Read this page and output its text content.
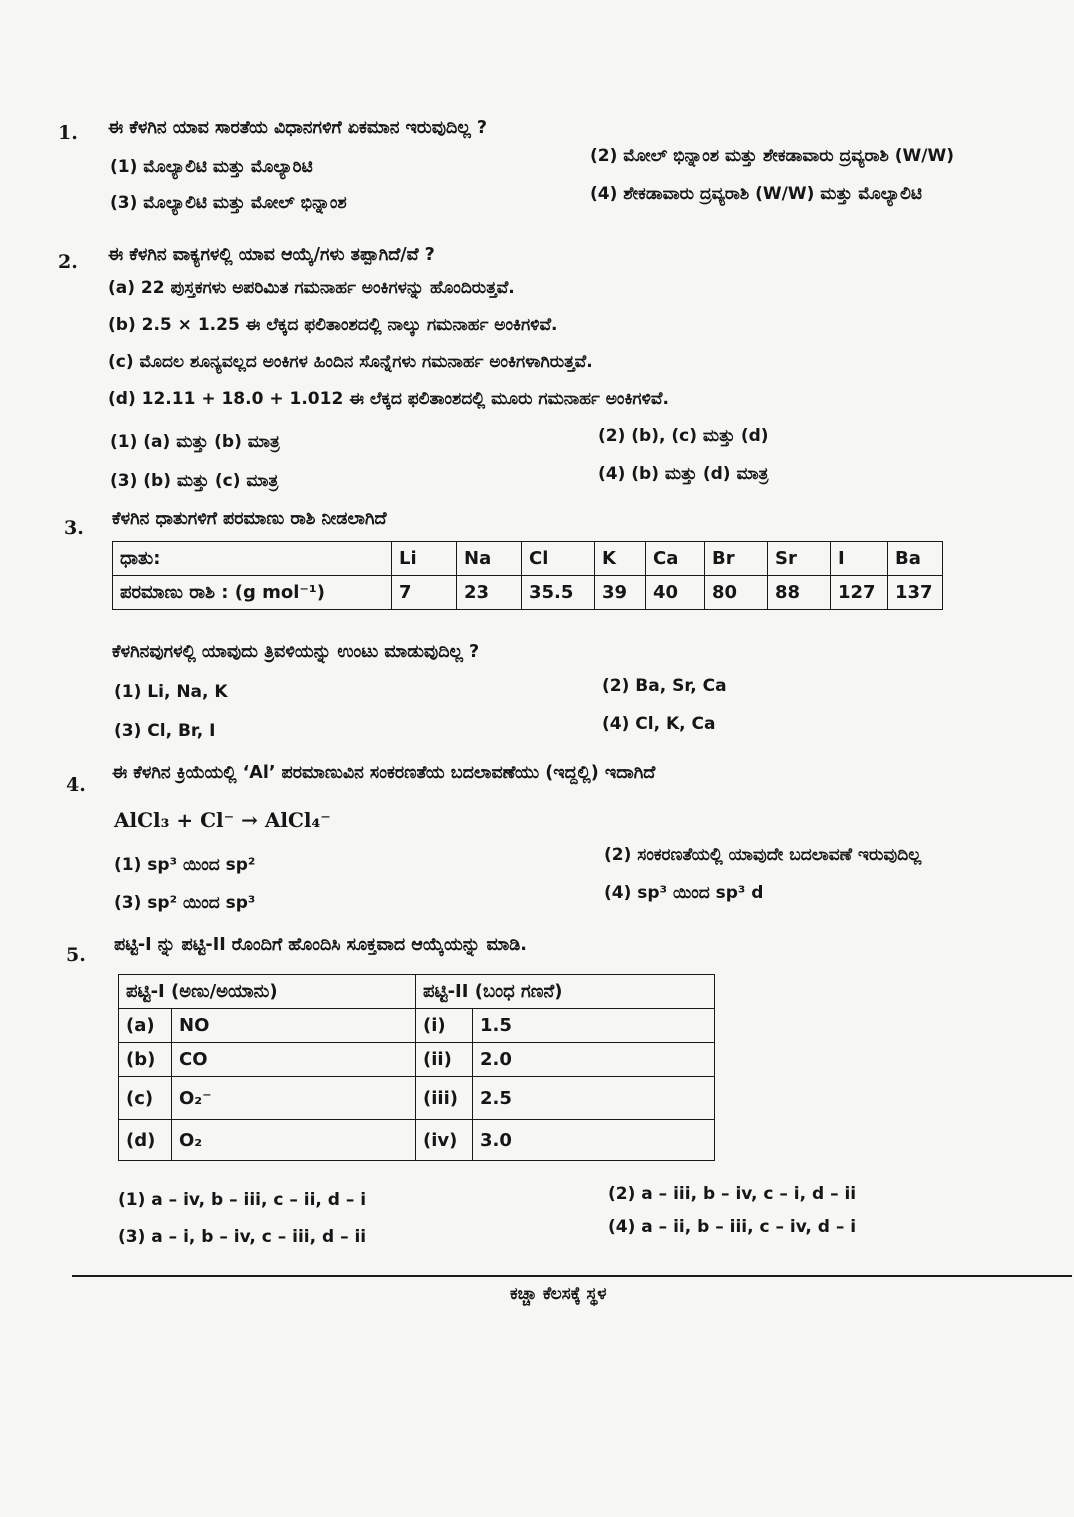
1. ಈ ಕೆಳಗಿನ ಯಾವ ಸಾರತೆಯ ವಿಧಾನಗಳಿಗೆ ಏಕಮಾನ ಇರುವುದಿಲ್ಲ ?
(1) ಮೊಲ್ಯಾಲಿಟಿ ಮತ್ತು ಮೊಲ್ಯಾರಿಟಿ
(2) ಮೋಲ್ ಭಿನ್ನಾಂಶ ಮತ್ತು ಶೇಕಡಾವಾರು ದ್ರವ್ಯರಾಶಿ (W/W)
(3) ಮೊಲ್ಯಾಲಿಟಿ ಮತ್ತು ಮೋಲ್ ಭಿನ್ನಾಂಶ	(4) ಶೇಕಡಾವಾರು ದ್ರವ್ಯರಾಶಿ (W/W) ಮತ್ತು ಮೊಲ್ಯಾಲಿಟಿ
2. ಈ ಕೆಳಗಿನ ವಾಕ್ಯಗಳಲ್ಲಿ ಯಾವ ಆಯ್ಕೆ/ಗಳು ತಪ್ಪಾಗಿದೆ/ವೆ ?
(a) 22 ಪುಸ್ತಕಗಳು ಅಪರಿಮಿತ ಗಮನಾರ್ಹ ಅಂಕಿಗಳನ್ನು ಹೊಂದಿರುತ್ತವೆ.
(b) 2.5 × 1.25 ಈ ಲೆಕ್ಕದ ಫಲಿತಾಂಶದಲ್ಲಿ ನಾಲ್ಕು ಗಮನಾರ್ಹ ಅಂಕಿಗಳಿವೆ.
(c) ಮೊದಲ ಶೂನ್ಯವಲ್ಲದ ಅಂಕಿಗಳ ಹಿಂದಿನ ಸೊನ್ನೆಗಳು ಗಮನಾರ್ಹ ಅಂಕಿಗಳಾಗಿರುತ್ತವೆ.
(d) 12.11 + 18.0 + 1.012 ಈ ಲೆಕ್ಕದ ಫಲಿತಾಂಶದಲ್ಲಿ ಮೂರು ಗಮನಾರ್ಹ ಅಂಕಿಗಳಿವೆ.
(1) (a) ಮತ್ತು (b) ಮಾತ್ರ	(2) (b), (c) ಮತ್ತು (d)
(3) (b) ಮತ್ತು (c) ಮಾತ್ರ	(4) (b) ಮತ್ತು (d) ಮಾತ್ರ
3. ಕೆಳಗಿನ ಧಾತುಗಳಿಗೆ ಪರಮಾಣು ರಾಶಿ ನೀಡಲಾಗಿದೆ
ಧಾತು:	Li	Na	Cl	K	Ca	Br	Sr	I	Ba
ಪರಮಾಣು ರಾಶಿ : (g mol⁻¹)	7	23	35.5	39	40	80	88	127	137
ಕೆಳಗಿನವುಗಳಲ್ಲಿ ಯಾವುದು ತ್ರಿವಳಿಯನ್ನು ಉಂಟು ಮಾಡುವುದಿಲ್ಲ ?
(1) Li, Na, K	(2) Ba, Sr, Ca
(3) Cl, Br, I	(4) Cl, K, Ca
4.
ಈ ಕೆಳಗಿನ ಕ್ರಿಯೆಯಲ್ಲಿ ‘Al’ ಪರಮಾಣುವಿನ ಸಂಕರಣತೆಯ ಬದಲಾವಣೆಯು (ಇದ್ದಲ್ಲಿ) ಇದಾಗಿದೆ
AlCl₃ + Cl⁻ → AlCl₄⁻
(1) sp³ ಯಿಂದ sp²	(2) ಸಂಕರಣತೆಯಲ್ಲಿ ಯಾವುದೇ ಬದಲಾವಣೆ ಇರುವುದಿಲ್ಲ
(3) sp² ಯಿಂದ sp³	(4) sp³ ಯಿಂದ sp³ d
5. ಪಟ್ಟಿ-I ನ್ನು ಪಟ್ಟಿ-II ರೊಂದಿಗೆ ಹೊಂದಿಸಿ ಸೂಕ್ತವಾದ ಆಯ್ಕೆಯನ್ನು ಮಾಡಿ.
ಪಟ್ಟಿ-I (ಅಣು/ಅಯಾನು)		ಪಟ್ಟಿ-II (ಬಂಧ ಗಣನೆ)	
(a)	NO	(i)	1.5
(b)	CO	(ii)	2.0
(c)	O₂⁻	(iii)	2.5
(d)	O₂	(iv)	3.0
(1) a – iv, b – iii, c – ii, d – i	(2) a – iii, b – iv, c – i, d – ii
(3) a – i, b – iv, c – iii, d – ii	(4) a – ii, b – iii, c – iv, d – i
ಕಚ್ಚಾ ಕೆಲಸಕ್ಕೆ ಸ್ಥಳ
